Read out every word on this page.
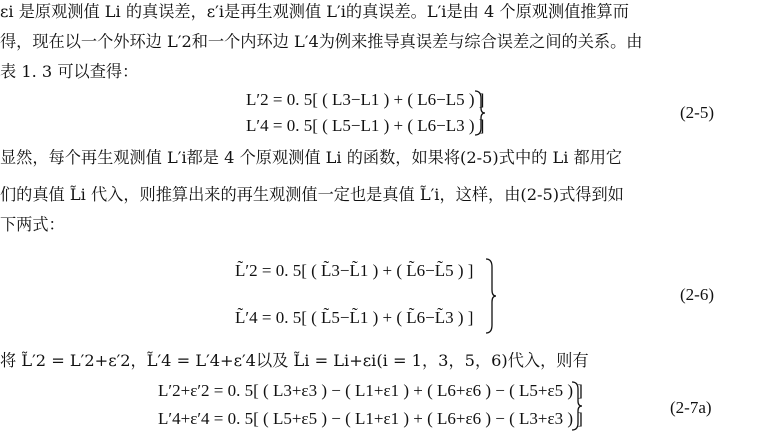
εi 是原观测值 Li 的真误差，ε′i是再生观测值 L′i的真误差。L′i是由 4 个原观测值推算而
得，现在以一个外环边 L′2和一个内环边 L′4为例来推导真误差与综合误差之间的关系。由
表 1. 3 可以查得：
L′2 = 0. 5[ ( L3−L1 ) + ( L6−L5 ) ]
L′4 = 0. 5[ ( L5−L1 ) + ( L6−L3 ) ]
(2-5)
显然，每个再生观测值 L′i都是 4 个原观测值 Li 的函数，如果将(2-5)式中的 Li 都用它
们的真值 L̃i 代入，则推算出来的再生观测值一定也是真值 L̃′i，这样，由(2-5)式得到如
下两式：
L̃′2 = 0. 5[ ( L̃3−L̃1 ) + ( L̃6−L̃5 ) ]
L̃′4 = 0. 5[ ( L̃5−L̃1 ) + ( L̃6−L̃3 ) ]
(2-6)
将 L̃′2 = L′2+ε′2，L̃′4 = L′4+ε′4以及 L̃i = Li+εi(i = 1，3，5，6)代入，则有
L′2+ε′2 = 0. 5[ ( L3+ε3 ) − ( L1+ε1 ) + ( L6+ε6 ) − ( L5+ε5 ) ]
L′4+ε′4 = 0. 5[ ( L5+ε5 ) − ( L1+ε1 ) + ( L6+ε6 ) − ( L3+ε3 ) ]
(2-7a)
